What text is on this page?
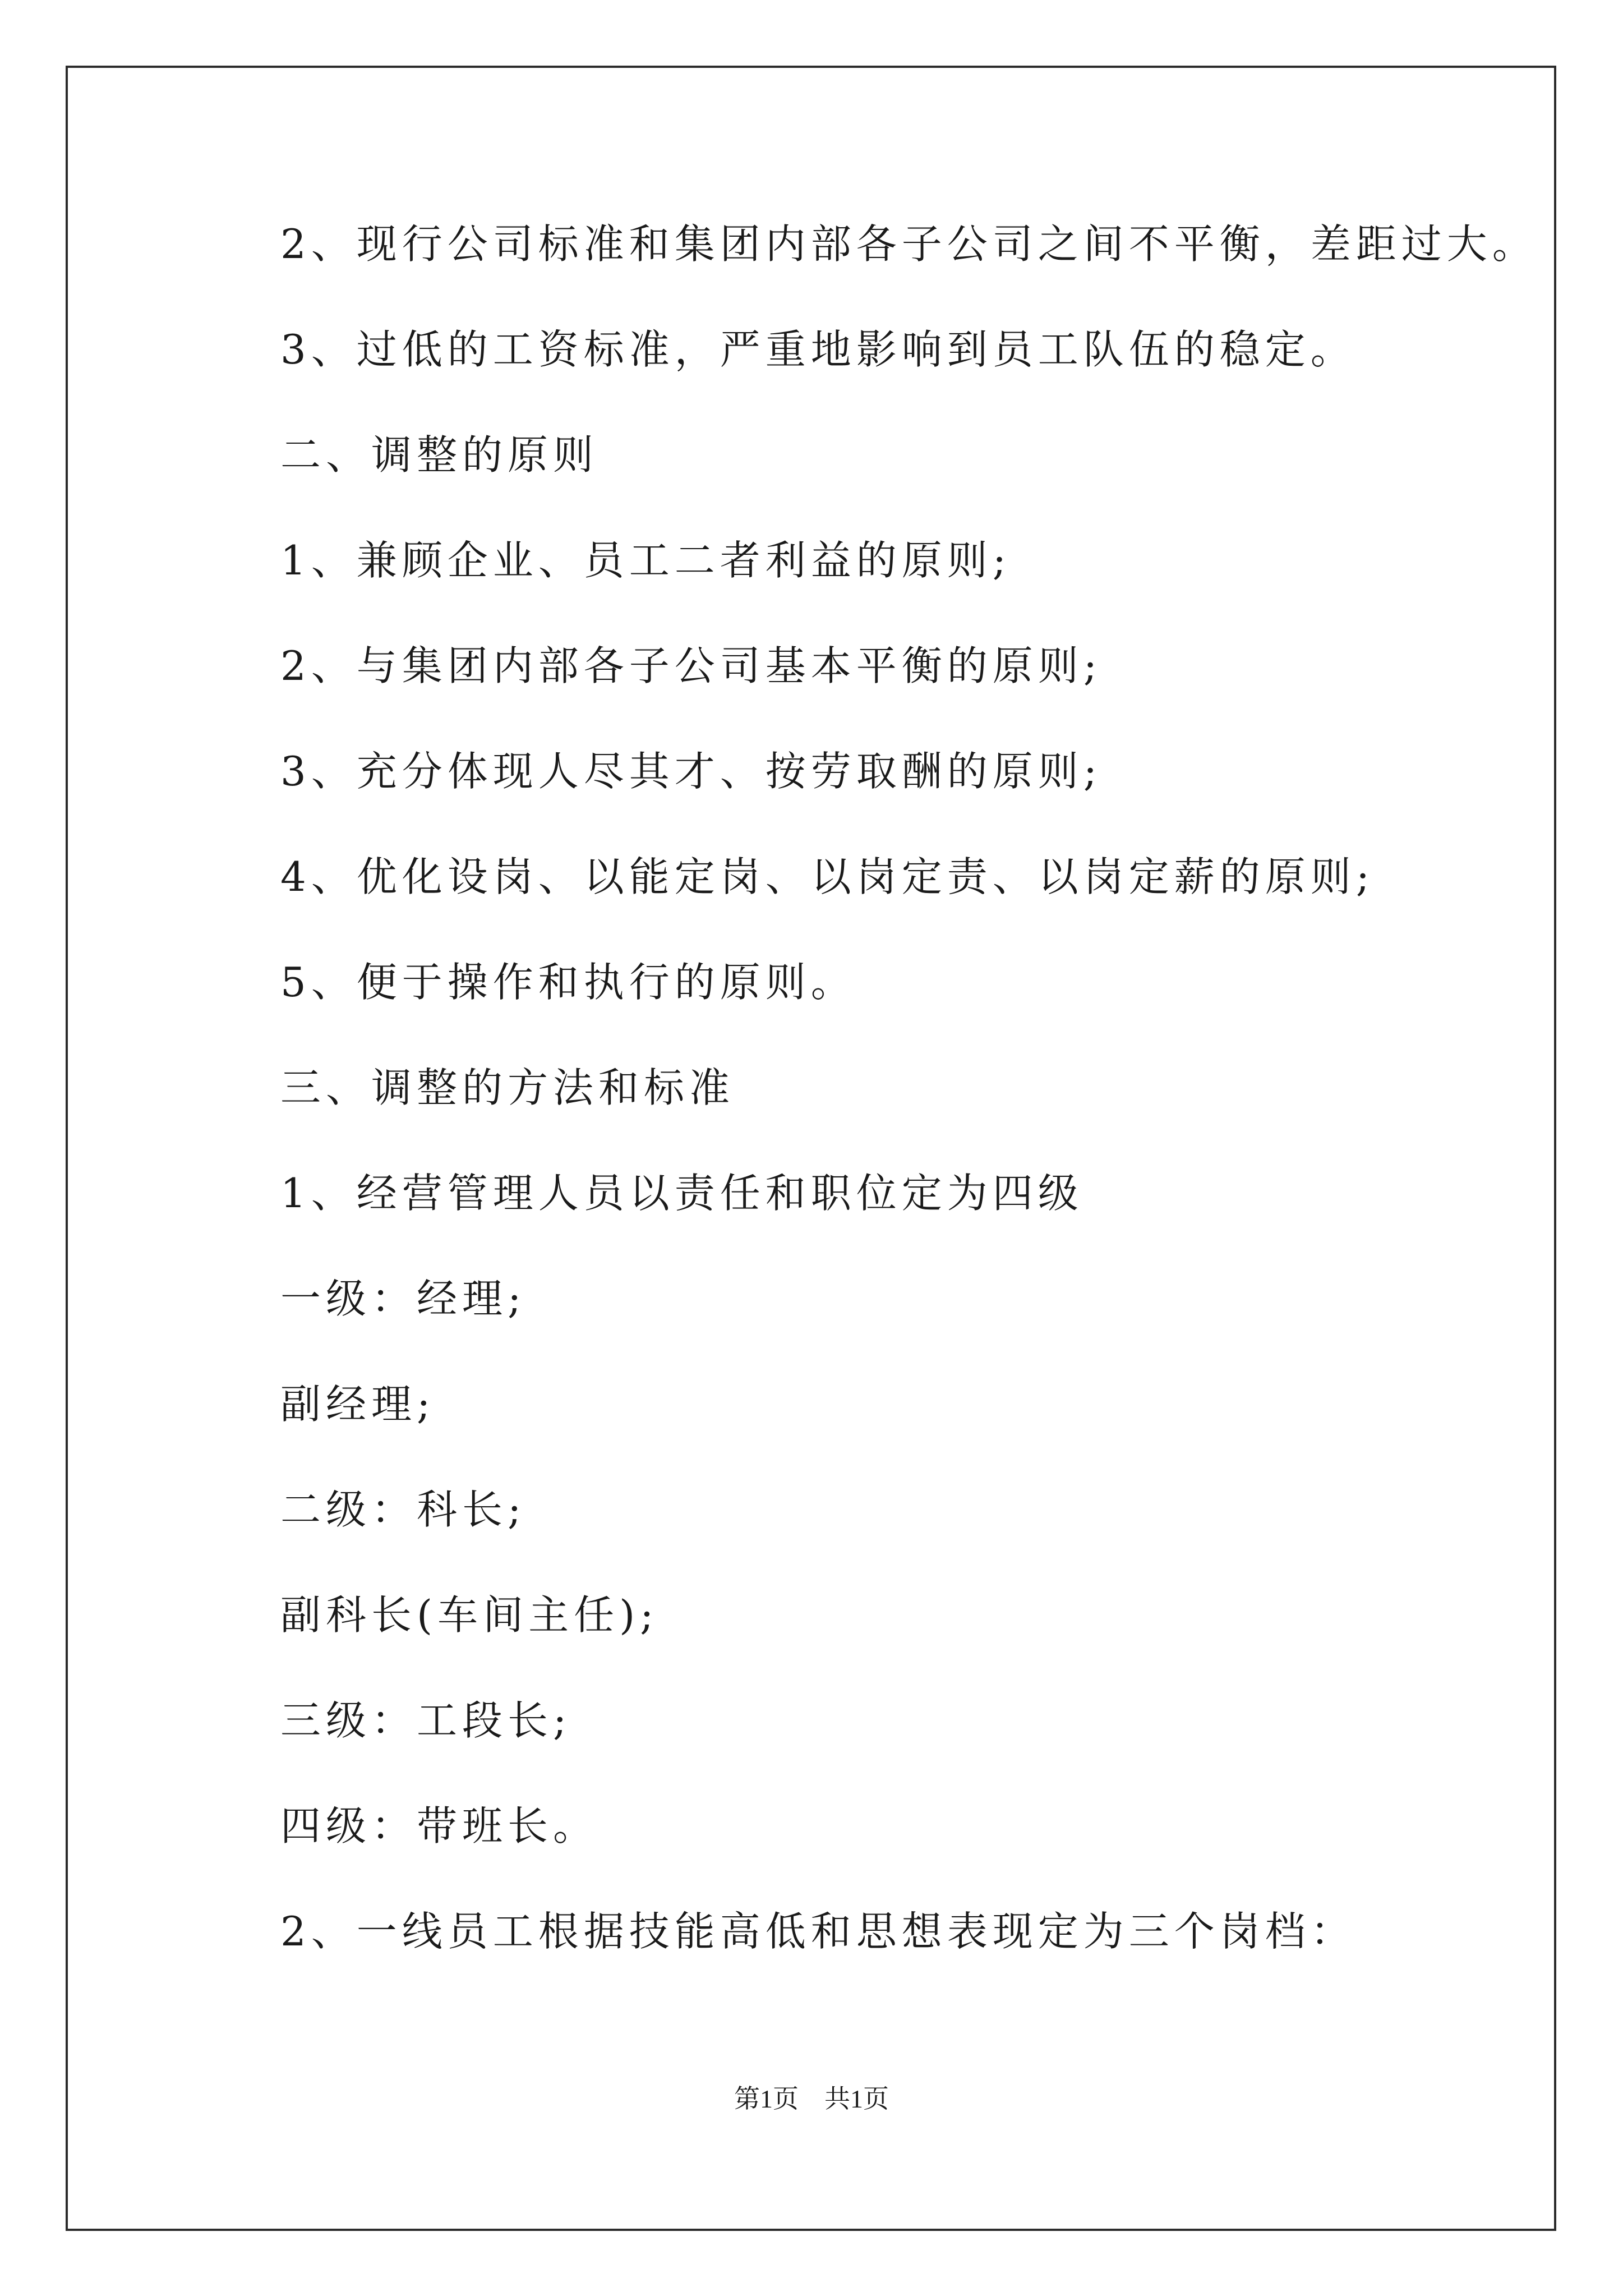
2、现行公司标准和集团内部各子公司之间不平衡，差距过大。
3、过低的工资标准，严重地影响到员工队伍的稳定。
二、调整的原则
1、兼顾企业、员工二者利益的原则;
2、与集团内部各子公司基本平衡的原则;
3、充分体现人尽其才、按劳取酬的原则;
4、优化设岗、以能定岗、以岗定责、以岗定薪的原则;
5、便于操作和执行的原则。
三、调整的方法和标准
1、经营管理人员以责任和职位定为四级
一级：经理;
副经理;
二级：科长;
副科长(车间主任);
三级：工段长;
四级：带班长。
2、一线员工根据技能高低和思想表现定为三个岗档：
第1页 共1页
